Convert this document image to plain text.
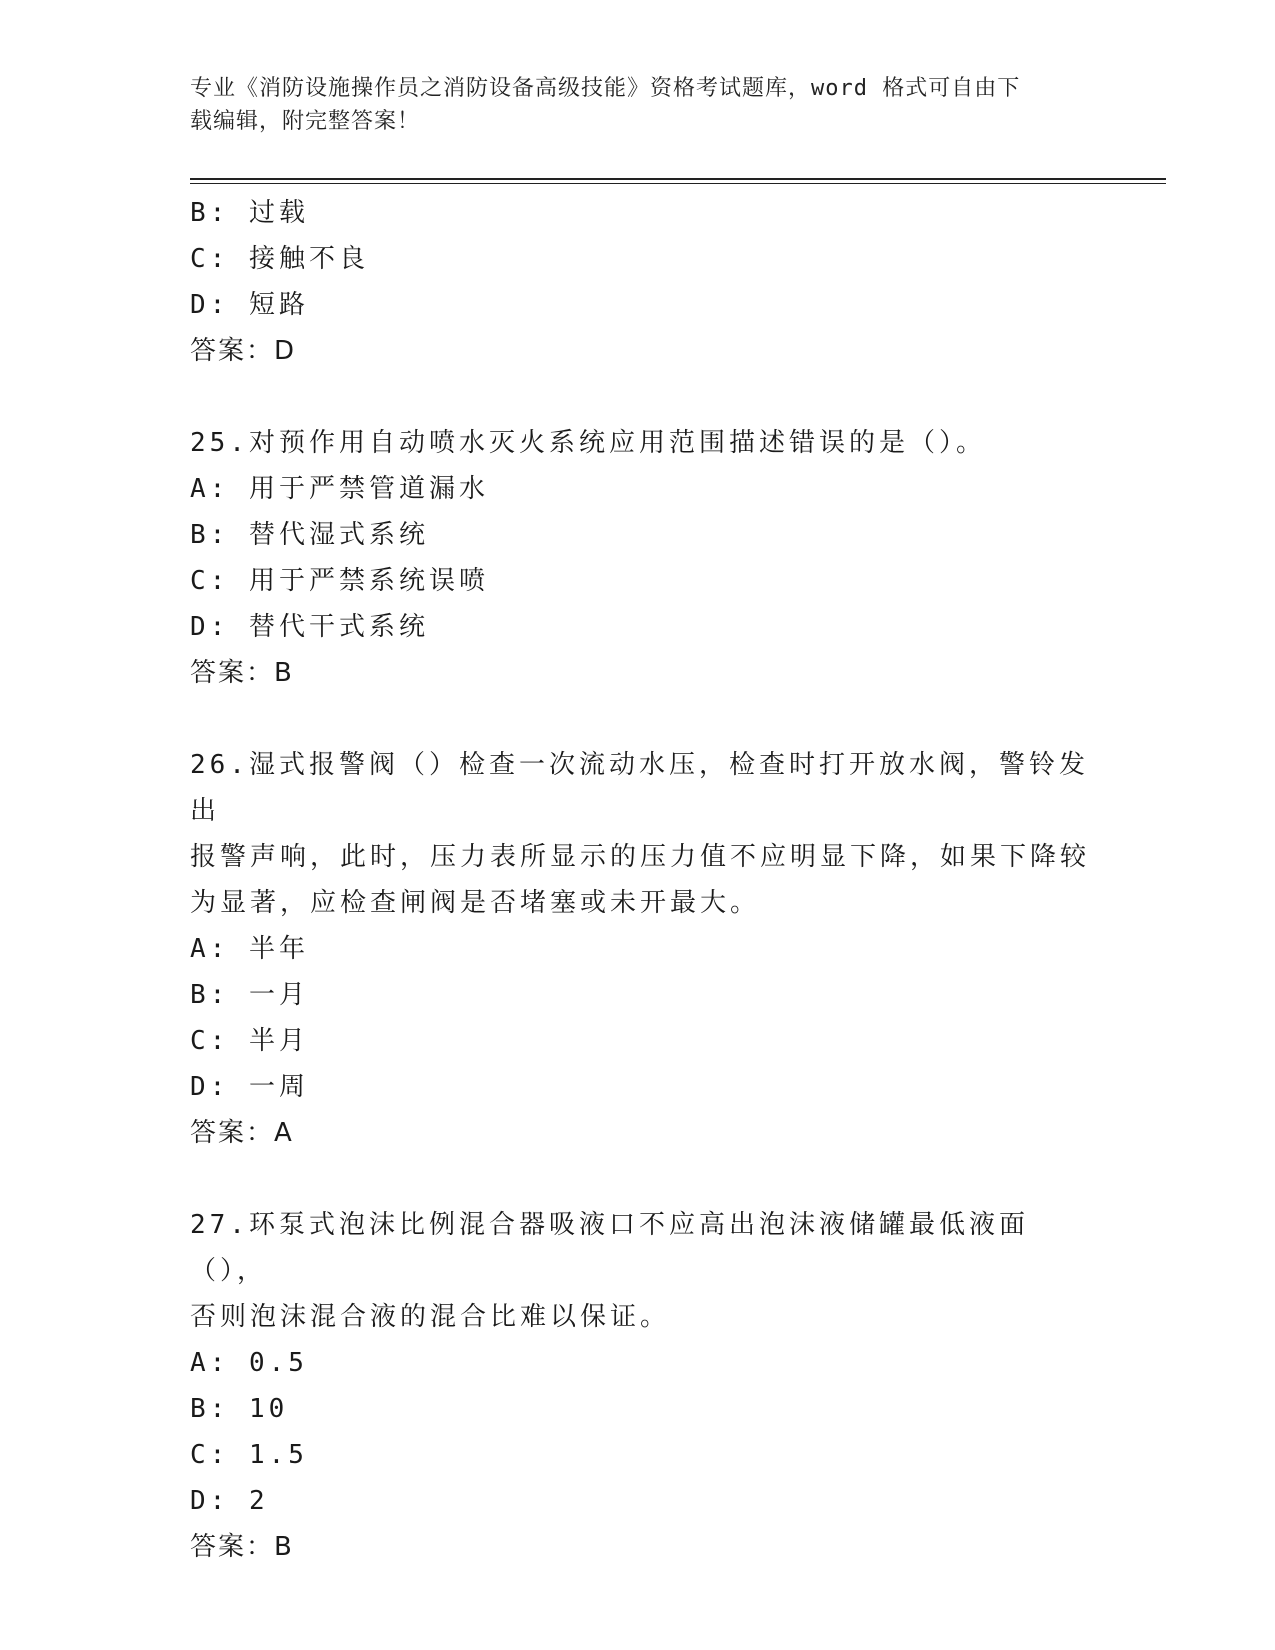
专业《消防设施操作员之消防设备高级技能》资格考试题库，word 格式可自由下
载编辑，附完整答案！
B: 过载
C: 接触不良
D: 短路
答案：D
25.对预作用自动喷水灭火系统应用范围描述错误的是（）。
A: 用于严禁管道漏水
B: 替代湿式系统
C: 用于严禁系统误喷
D: 替代干式系统
答案：B
26.湿式报警阀（）检查一次流动水压，检查时打开放水阀，警铃发出
报警声响，此时，压力表所显示的压力值不应明显下降，如果下降较
为显著，应检查闸阀是否堵塞或未开最大。
A: 半年
B: 一月
C: 半月
D: 一周
答案：A
27.环泵式泡沫比例混合器吸液口不应高出泡沫液储罐最低液面（），
否则泡沫混合液的混合比难以保证。
A: 0.5
B: 10
C: 1.5
D: 2
答案：B
